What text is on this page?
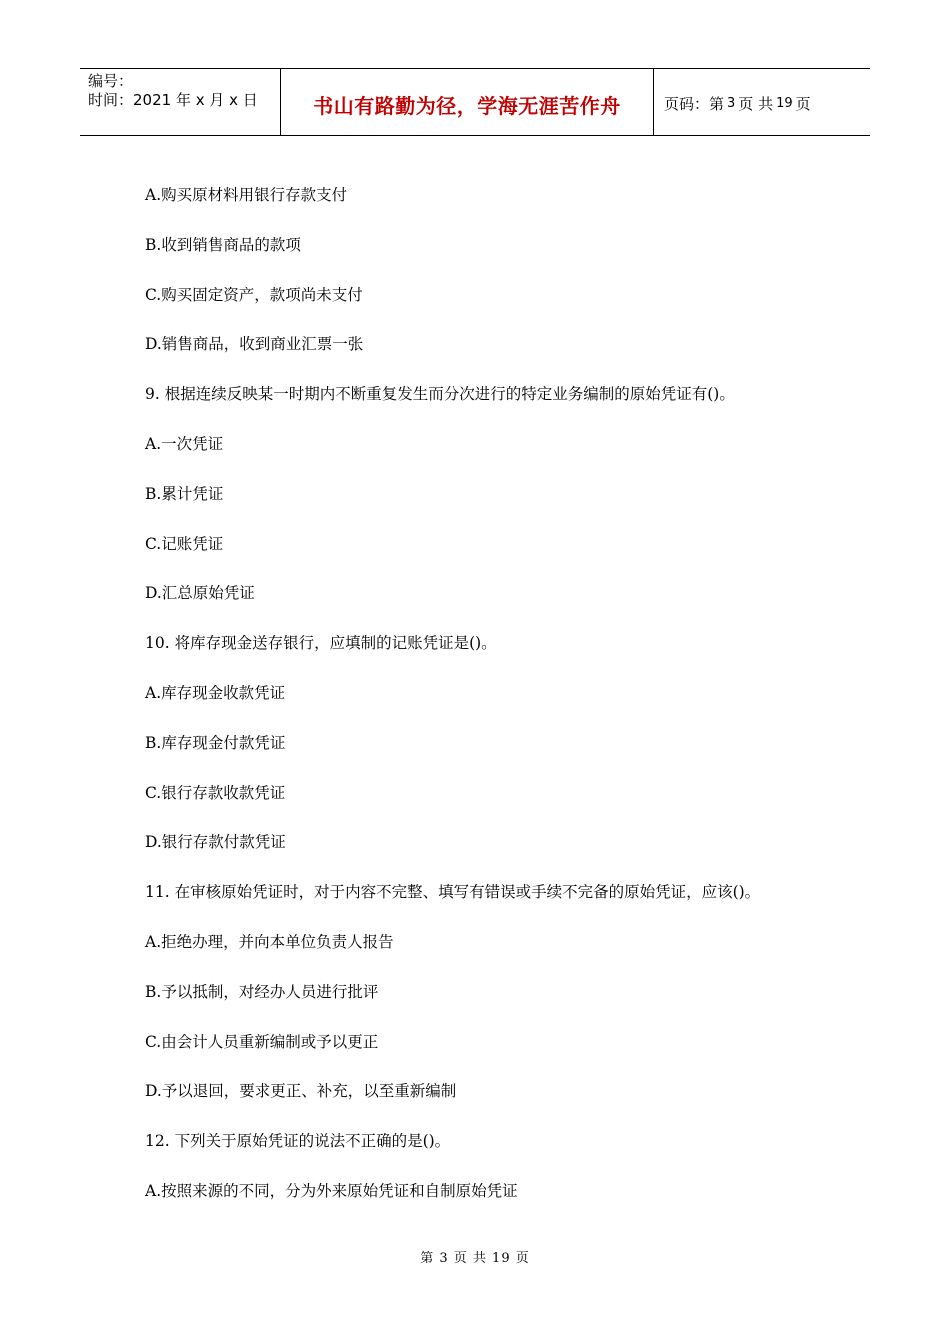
编号：
时间：2021 年 x 月 x 日	书山有路勤为径，学海无涯苦作舟	页码：第 3 页 共 19 页
A.购买原材料用银行存款支付
B.收到销售商品的款项
C.购买固定资产，款项尚未支付
D.销售商品，收到商业汇票一张
9. 根据连续反映某一时期内不断重复发生而分次进行的特定业务编制的原始凭证有()。
A.一次凭证
B.累计凭证
C.记账凭证
D.汇总原始凭证
10. 将库存现金送存银行，应填制的记账凭证是()。
A.库存现金收款凭证
B.库存现金付款凭证
C.银行存款收款凭证
D.银行存款付款凭证
11. 在审核原始凭证时，对于内容不完整、填写有错误或手续不完备的原始凭证，应该()。
A.拒绝办理，并向本单位负责人报告
B.予以抵制，对经办人员进行批评
C.由会计人员重新编制或予以更正
D.予以退回，要求更正、补充，以至重新编制
12. 下列关于原始凭证的说法不正确的是()。
A.按照来源的不同，分为外来原始凭证和自制原始凭证
第 3 页 共 19 页
